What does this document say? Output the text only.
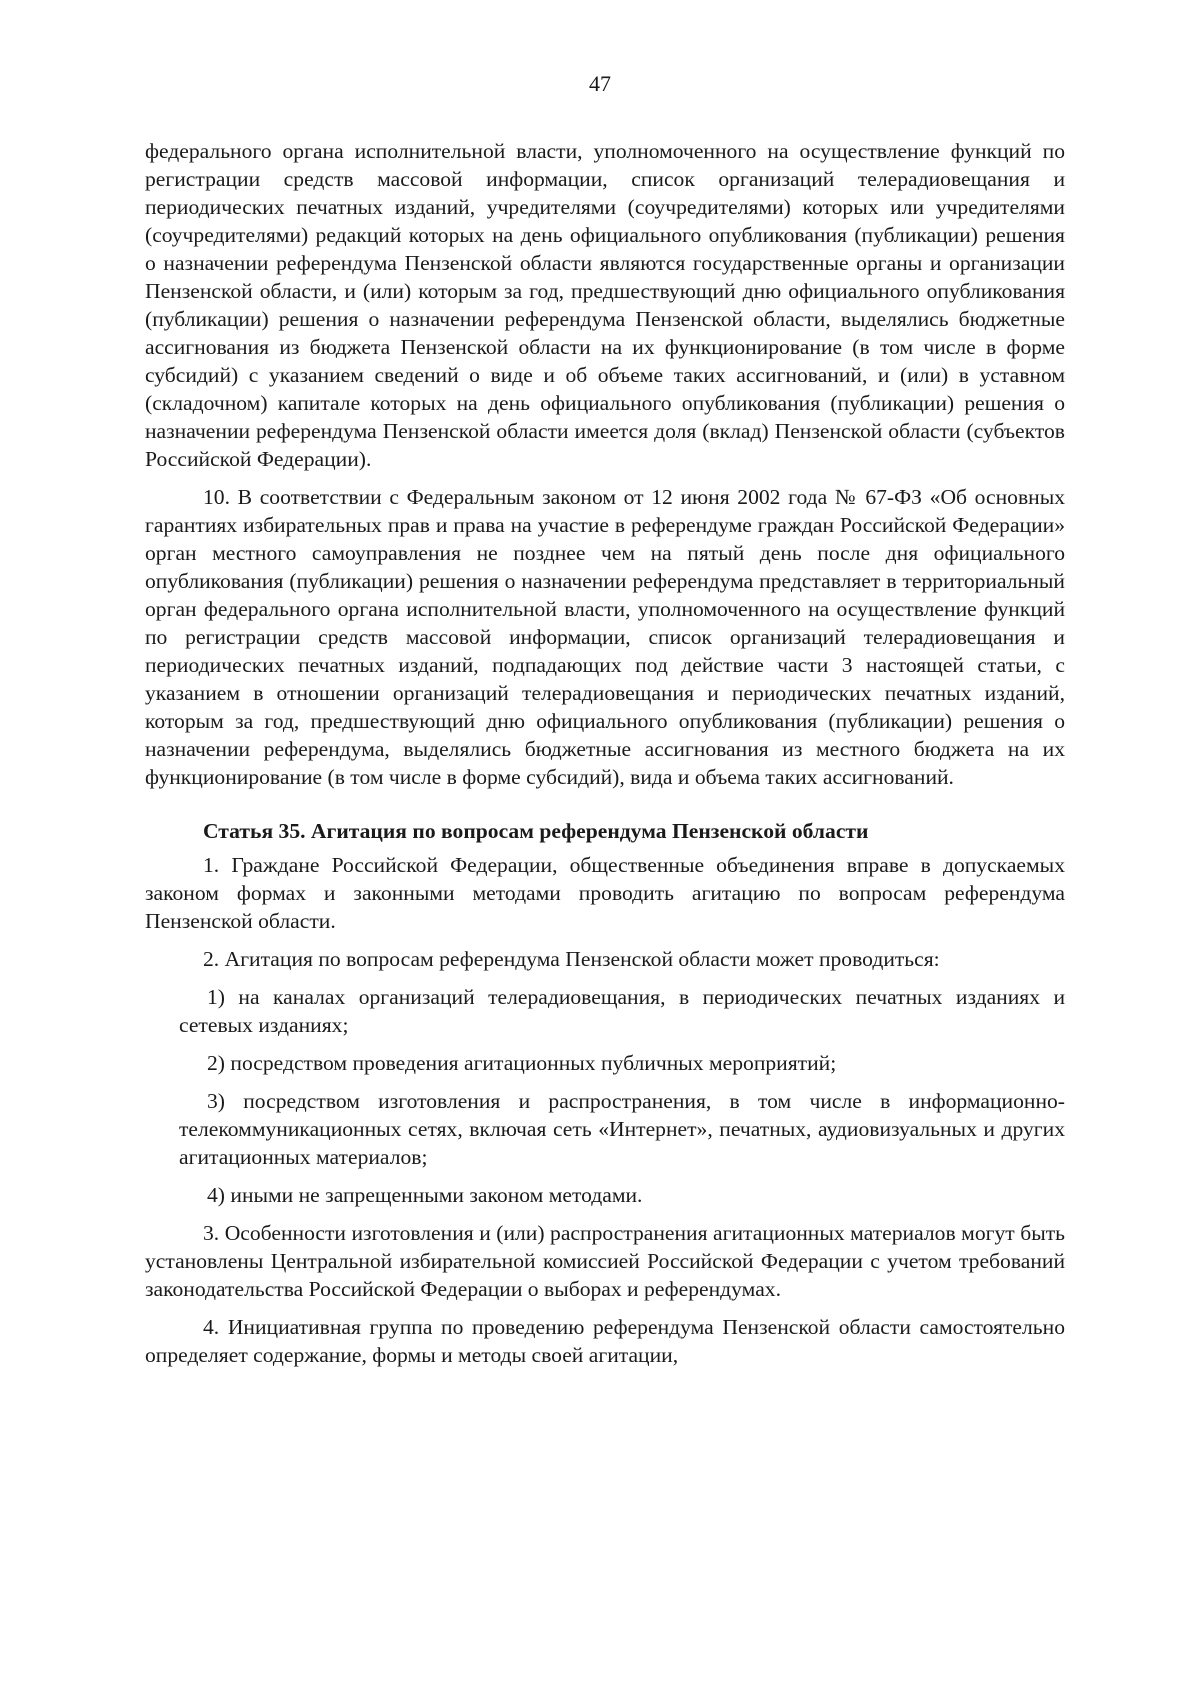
47

федерального органа исполнительной власти, уполномоченного на осуществление функций по регистрации средств массовой информации, список организаций телерадиовещания и периодических печатных изданий, учредителями (соучредителями) которых или учредителями (соучредителями) редакций которых на день официального опубликования (публикации) решения о назначении референдума Пензенской области являются государственные органы и организации Пензенской области, и (или) которым за год, предшествующий дню официального опубликования (публикации) решения о назначении референдума Пензенской области, выделялись бюджетные ассигнования из бюджета Пензенской области на их функционирование (в том числе в форме субсидий) с указанием сведений о виде и об объеме таких ассигнований, и (или) в уставном (складочном) капитале которых на день официального опубликования (публикации) решения о назначении референдума Пензенской области имеется доля (вклад) Пензенской области (субъектов Российской Федерации).

10. В соответствии с Федеральным законом от 12 июня 2002 года № 67-ФЗ «Об основных гарантиях избирательных прав и права на участие в референдуме граждан Российской Федерации» орган местного самоуправления не позднее чем на пятый день после дня официального опубликования (публикации) решения о назначении референдума представляет в территориальный орган федерального органа исполнительной власти, уполномоченного на осуществление функций по регистрации средств массовой информации, список организаций телерадиовещания и периодических печатных изданий, подпадающих под действие части 3 настоящей статьи, с указанием в отношении организаций телерадиовещания и периодических печатных изданий, которым за год, предшествующий дню официального опубликования (публикации) решения о назначении референдума, выделялись бюджетные ассигнования из местного бюджета на их функционирование (в том числе в форме субсидий), вида и объема таких ассигнований.

Статья 35. Агитация по вопросам референдума Пензенской области

1. Граждане Российской Федерации, общественные объединения вправе в допускаемых законом формах и законными методами проводить агитацию по вопросам референдума Пензенской области.

2. Агитация по вопросам референдума Пензенской области может проводиться:

1) на каналах организаций телерадиовещания, в периодических печатных изданиях и сетевых изданиях;

2) посредством проведения агитационных публичных мероприятий;

3) посредством изготовления и распространения, в том числе в информационно-телекоммуникационных сетях, включая сеть «Интернет», печатных, аудиовизуальных и других агитационных материалов;

4) иными не запрещенными законом методами.

3. Особенности изготовления и (или) распространения агитационных материалов могут быть установлены Центральной избирательной комиссией Российской Федерации с учетом требований законодательства Российской Федерации о выборах и референдумах.

4. Инициативная группа по проведению референдума Пензенской области самостоятельно определяет содержание, формы и методы своей агитации,
